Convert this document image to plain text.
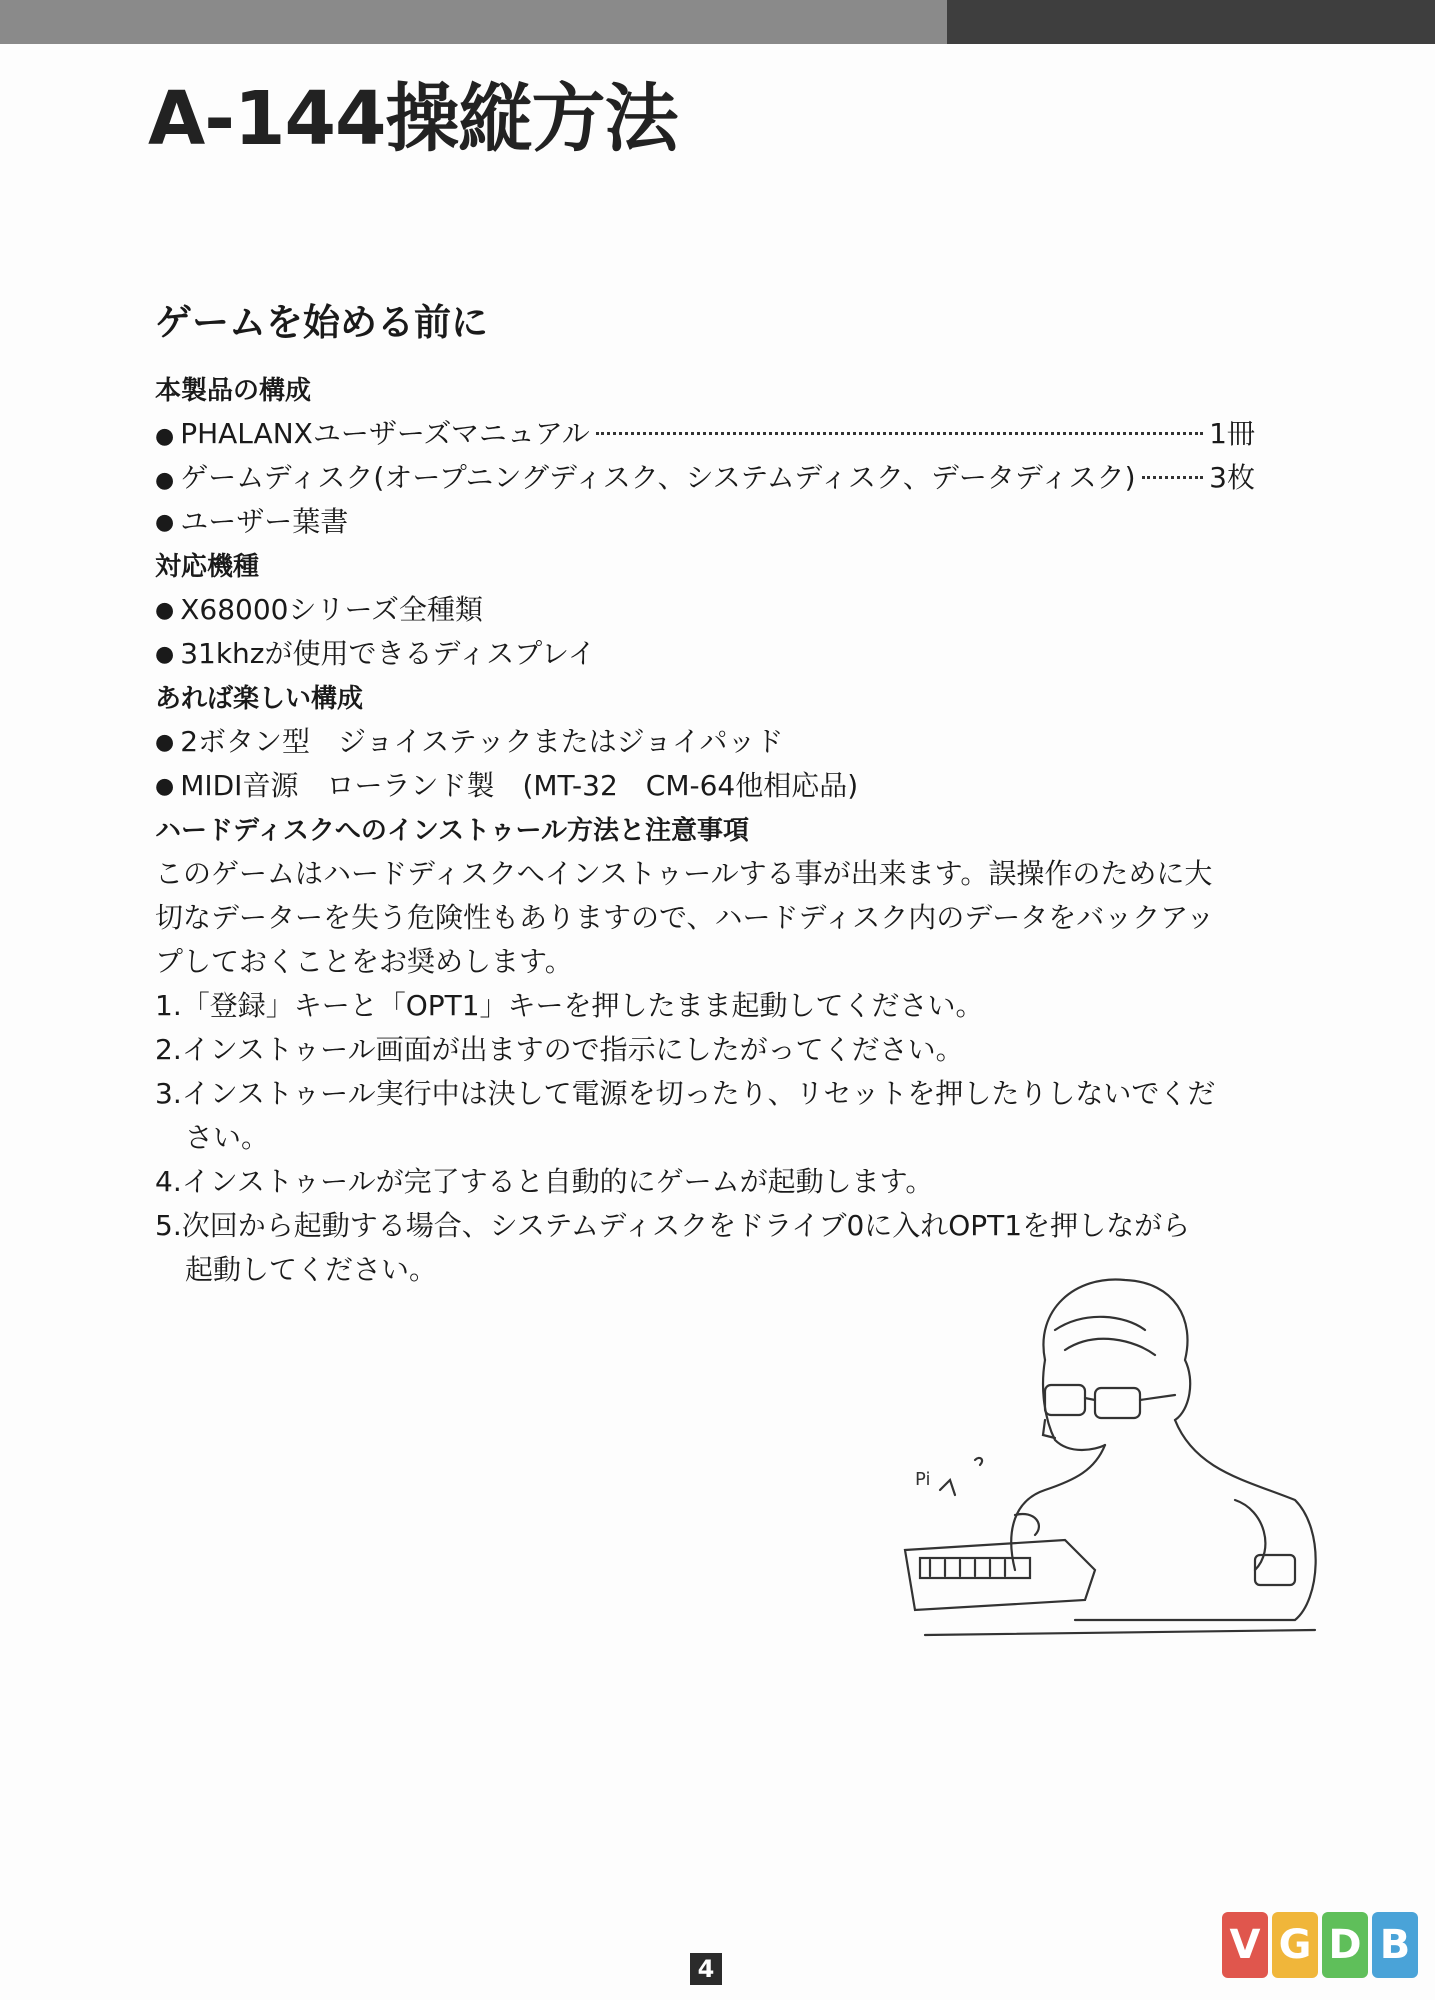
A-144操縦方法
ゲームを始める前に
本製品の構成
● PHALANXユーザーズマニュアル	1冊
● ゲームディスク(オープニングディスク、システムディスク、データディスク)	3枚
● ユーザー葉書
対応機種
● X68000シリーズ全種類
● 31khzが使用できるディスプレイ
あれば楽しい構成
● 2ボタン型　ジョイステックまたはジョイパッド
● MIDI音源　ローランド製　(MT-32　CM-64他相応品)
ハードディスクへのインストゥール方法と注意事項
このゲームはハードディスクへインストゥールする事が出来ます。誤操作のために大
切なデーターを失う危険性もありますので、ハードディスク内のデータをバックアッ
プしておくことをお奨めします。
1.「登録」キーと「OPT1」キーを押したまま起動してください。
2.インストゥール画面が出ますので指示にしたがってください。
3.インストゥール実行中は決して電源を切ったり、リセットを押したりしないでくだ
さい。
4.インストゥールが完了すると自動的にゲームが起動します。
5.次回から起動する場合、システムディスクをドライブ0に入れOPT1を押しながら
起動してください。
Pi
4
V G D B
